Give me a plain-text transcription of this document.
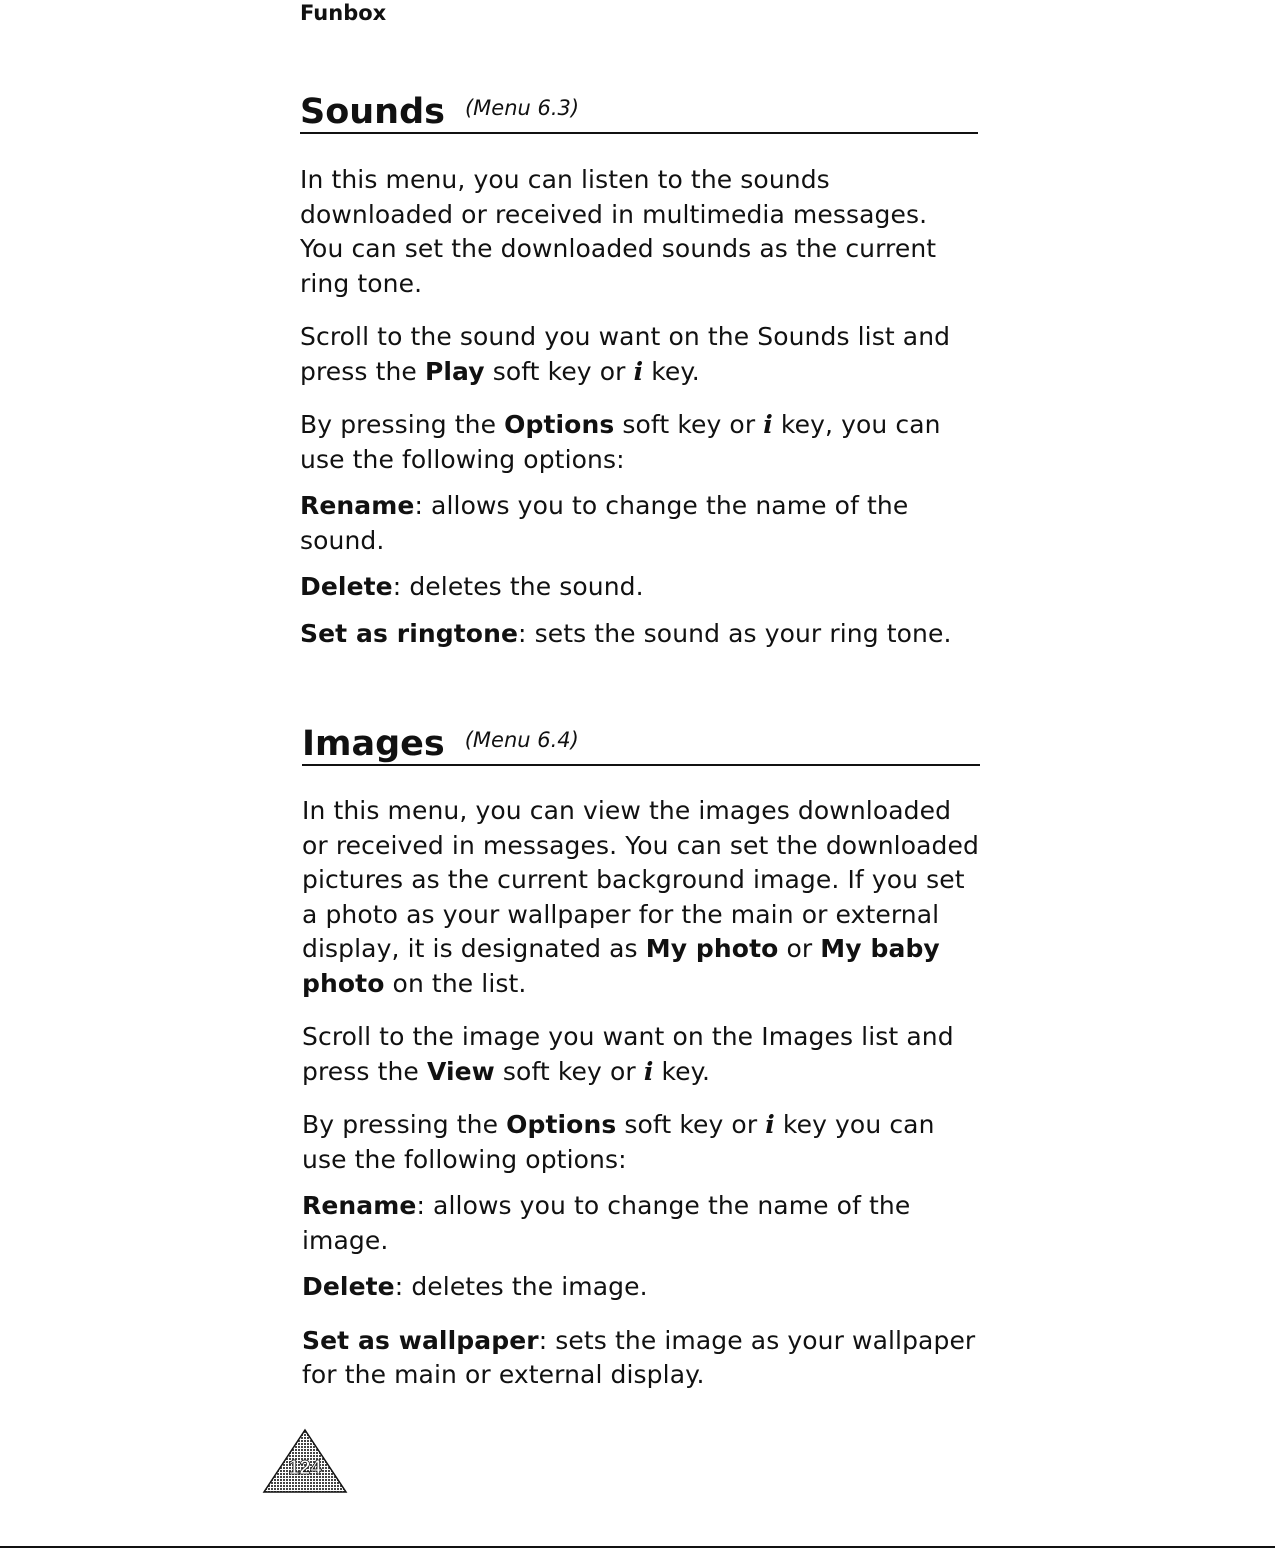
Funbox
Sounds (Menu 6.3)

In this menu, you can listen to the sounds downloaded or received in multimedia messages. You can set the downloaded sounds as the current ring tone.

Scroll to the sound you want on the Sounds list and press the Play soft key or i key.

By pressing the Options soft key or i key, you can use the following options:

Rename: allows you to change the name of the sound.

Delete: deletes the sound.

Set as ringtone: sets the sound as your ring tone.

Images (Menu 6.4)

In this menu, you can view the images downloaded or received in messages. You can set the downloaded pictures as the current background image. If you set a photo as your wallpaper for the main or external display, it is designated as My photo or My baby photo on the list.

Scroll to the image you want on the Images list and press the View soft key or i key.

By pressing the Options soft key or i key you can use the following options:

Rename: allows you to change the name of the image.

Delete: deletes the image.

Set as wallpaper: sets the image as your wallpaper for the main or external display.

124
